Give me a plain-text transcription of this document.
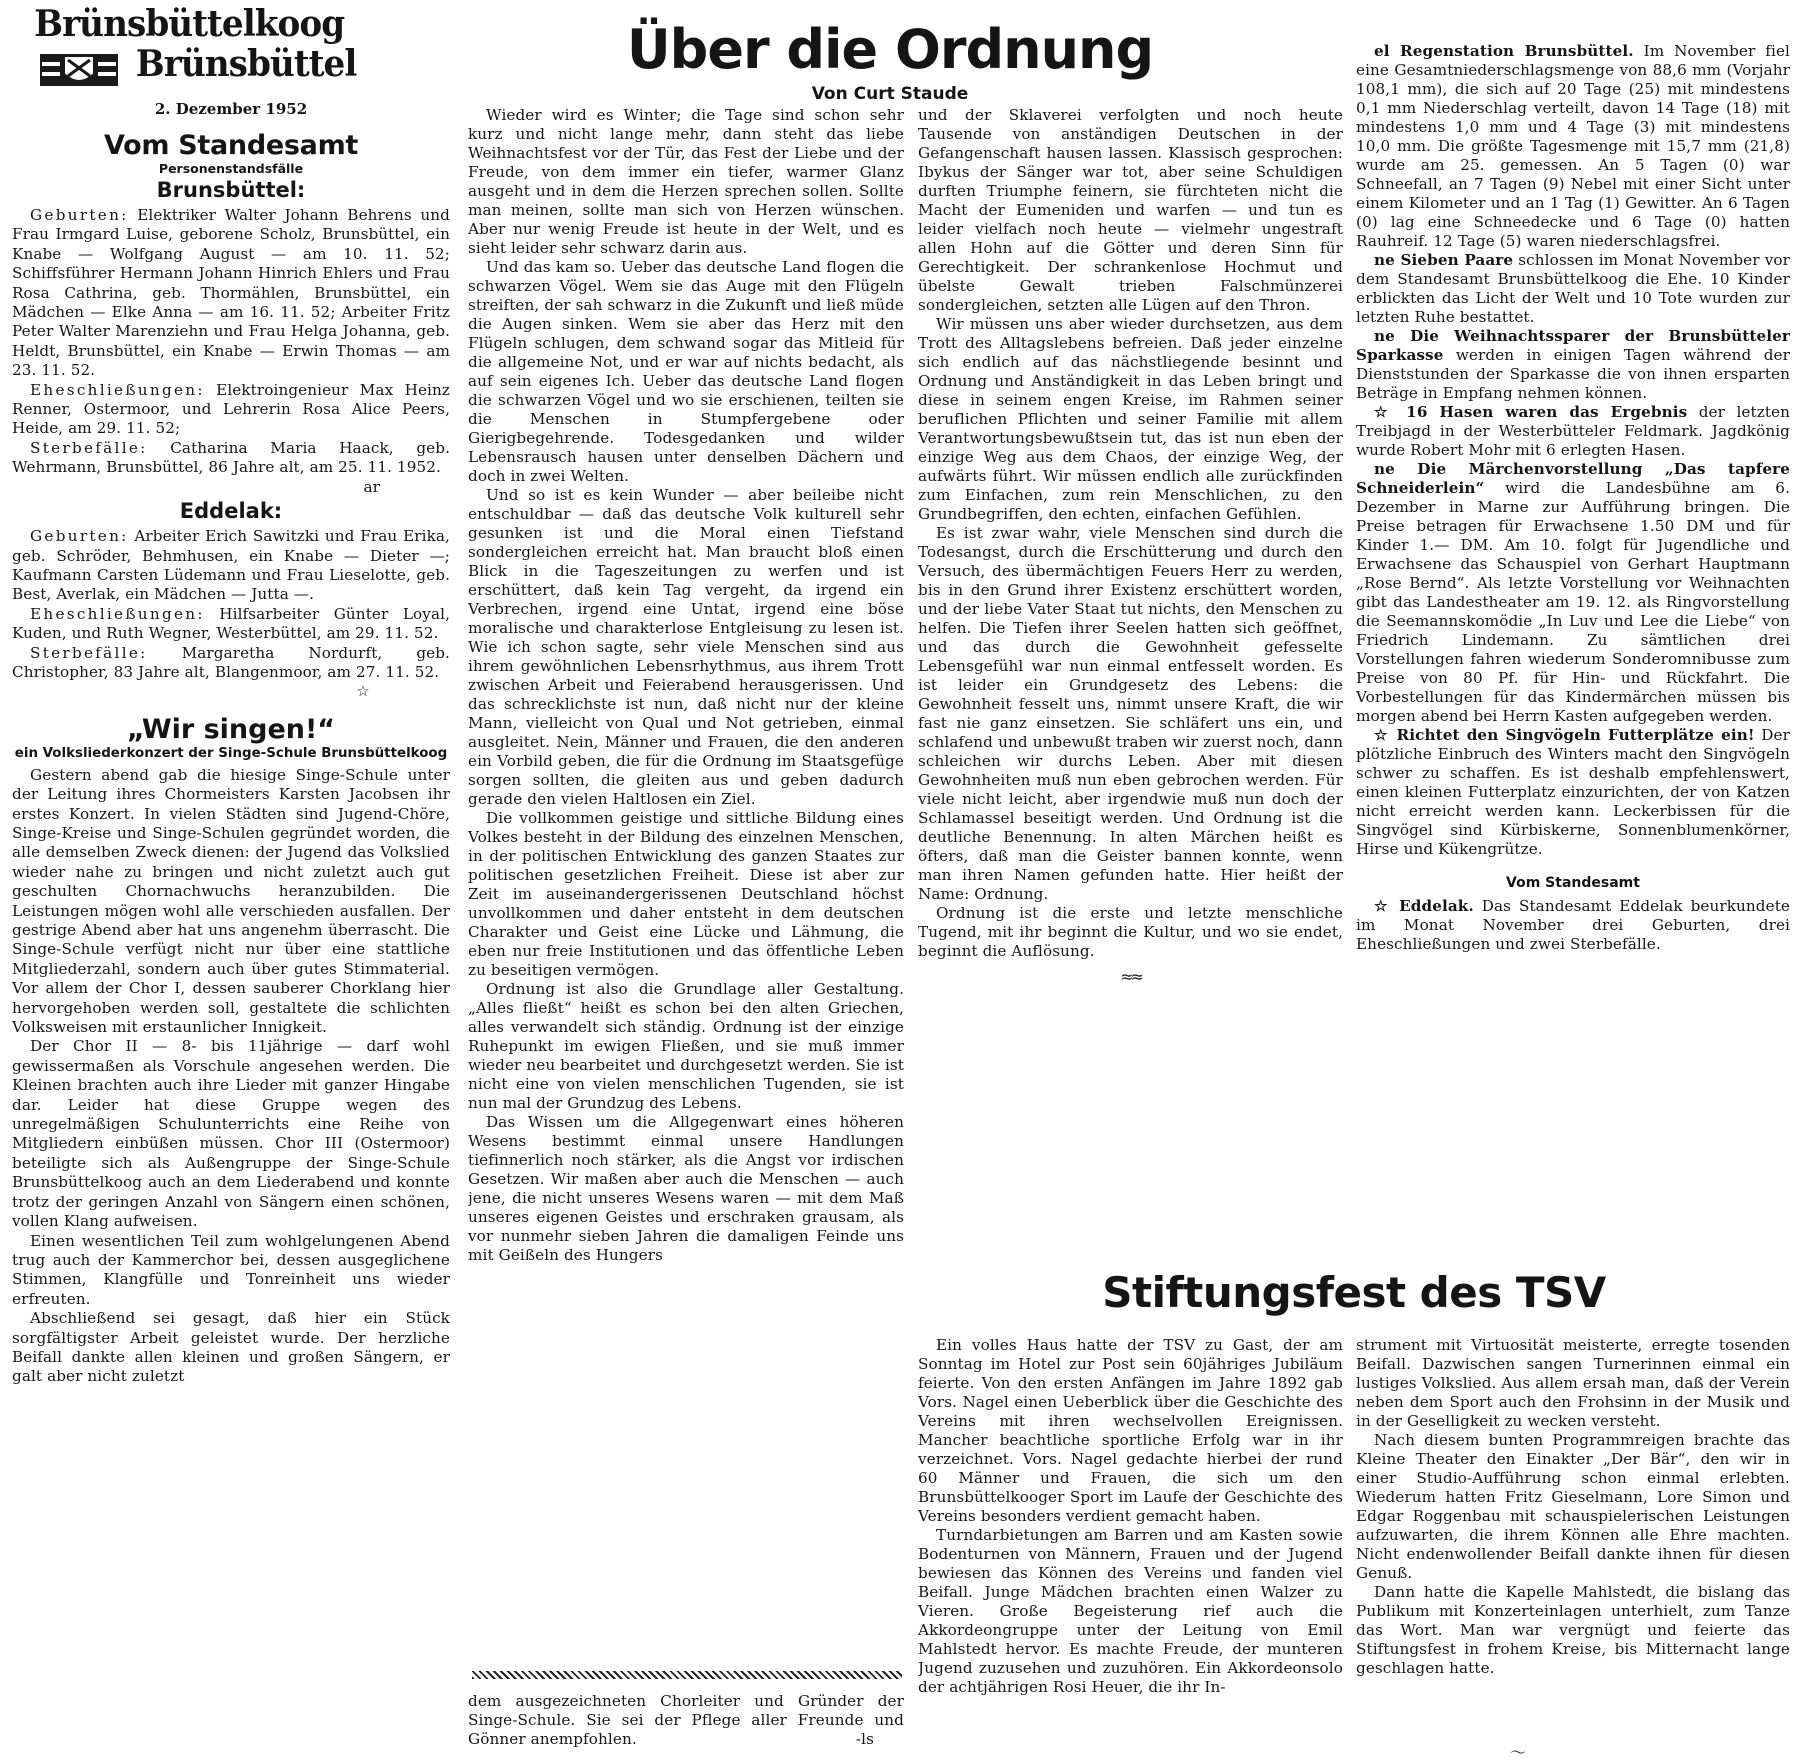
Brünsbüttelkoog
Brünsbüttel
2. Dezember 1952
Vom Standesamt
Personenstandsfälle
Brunsbüttel:

Geburten: Elektriker Walter Johann Behrens und Frau Irmgard Luise, geborene Scholz, Brunsbüttel, ein Knabe — Wolfgang August — am 10. 11. 52; Schiffsführer Hermann Johann Hinrich Ehlers und Frau Rosa Cathrina, geb. Thormählen, Brunsbüttel, ein Mädchen — Elke Anna — am 16. 11. 52; Arbeiter Fritz Peter Walter Marenziehn und Frau Helga Johanna, geb. Heldt, Brunsbüttel, ein Knabe — Erwin Thomas — am 23. 11. 52.

Eheschließungen: Elektroingenieur Max Heinz Renner, Ostermoor, und Lehrerin Rosa Alice Peers, Heide, am 29. 11. 52;

Sterbefälle: Catharina Maria Haack, geb. Wehrmann, Brunsbüttel, 86 Jahre alt, am 25. 11. 1952.

ar

Eddelak:

Geburten: Arbeiter Erich Sawitzki und Frau Erika, geb. Schröder, Behmhusen, ein Knabe — Dieter —; Kaufmann Carsten Lüdemann und Frau Lieselotte, geb. Best, Averlak, ein Mädchen — Jutta —.

Eheschließungen: Hilfsarbeiter Günter Loyal, Kuden, und Ruth Wegner, Westerbüttel, am 29. 11. 52.

Sterbefälle: Margaretha Nordurft, geb. Christopher, 83 Jahre alt, Blangenmoor, am 27. 11. 52.

☆

„Wir singen!“
ein Volksliederkonzert der Singe-Schule Brunsbüttelkoog

Gestern abend gab die hiesige Singe-Schule unter der Leitung ihres Chormeisters Karsten Jacobsen ihr erstes Konzert. In vielen Städten sind Jugend-Chöre, Singe-Kreise und Singe-Schulen gegründet worden, die alle demselben Zweck dienen: der Jugend das Volkslied wieder nahe zu bringen und nicht zuletzt auch gut geschulten Chornachwuchs heranzubilden. Die Leistungen mögen wohl alle verschieden ausfallen. Der gestrige Abend aber hat uns angenehm überrascht. Die Singe-Schule verfügt nicht nur über eine stattliche Mitgliederzahl, sondern auch über gutes Stimmaterial. Vor allem der Chor I, dessen sauberer Chorklang hier hervorgehoben werden soll, gestaltete die schlichten Volksweisen mit erstaunlicher Innigkeit.

Der Chor II — 8- bis 11jährige — darf wohl gewissermaßen als Vorschule angesehen werden. Die Kleinen brachten auch ihre Lieder mit ganzer Hingabe dar. Leider hat diese Gruppe wegen des unregelmäßigen Schulunterrichts eine Reihe von Mitgliedern einbüßen müssen. Chor III (Ostermoor) beteiligte sich als Außengruppe der Singe-Schule Brunsbüttelkoog auch an dem Liederabend und konnte trotz der geringen Anzahl von Sängern einen schönen, vollen Klang aufweisen.

Einen wesentlichen Teil zum wohlgelungenen Abend trug auch der Kammerchor bei, dessen ausgeglichene Stimmen, Klangfülle und Tonreinheit uns wieder erfreuten.

Abschließend sei gesagt, daß hier ein Stück sorgfältigster Arbeit geleistet wurde. Der herzliche Beifall dankte allen kleinen und großen Sängern, er galt aber nicht zuletzt

Über die Ordnung
Von Curt Staude

Wieder wird es Winter; die Tage sind schon sehr kurz und nicht lange mehr, dann steht das liebe Weihnachtsfest vor der Tür, das Fest der Liebe und der Freude, von dem immer ein tiefer, warmer Glanz ausgeht und in dem die Herzen sprechen sollen. Sollte man meinen, sollte man sich von Herzen wünschen. Aber nur wenig Freude ist heute in der Welt, und es sieht leider sehr schwarz darin aus.

Und das kam so. Ueber das deutsche Land flogen die schwarzen Vögel. Wem sie das Auge mit den Flügeln streiften, der sah schwarz in die Zukunft und ließ müde die Augen sinken. Wem sie aber das Herz mit den Flügeln schlugen, dem schwand sogar das Mitleid für die allgemeine Not, und er war auf nichts bedacht, als auf sein eigenes Ich. Ueber das deutsche Land flogen die schwarzen Vögel und wo sie erschienen, teilten sie die Menschen in Stumpfergebene oder Gierigbegehrende. Todesgedanken und wilder Lebensrausch hausen unter denselben Dächern und doch in zwei Welten.

Und so ist es kein Wunder — aber beileibe nicht entschuldbar — daß das deutsche Volk kulturell sehr gesunken ist und die Moral einen Tiefstand sondergleichen erreicht hat. Man braucht bloß einen Blick in die Tageszeitungen zu werfen und ist erschüttert, daß kein Tag vergeht, da irgend ein Verbrechen, irgend eine Untat, irgend eine böse moralische und charakterlose Entgleisung zu lesen ist. Wie ich schon sagte, sehr viele Menschen sind aus ihrem gewöhnlichen Lebensrhythmus, aus ihrem Trott zwischen Arbeit und Feierabend herausgerissen. Und das schrecklichste ist nun, daß nicht nur der kleine Mann, vielleicht von Qual und Not getrieben, einmal ausgleitet. Nein, Männer und Frauen, die den anderen ein Vorbild geben, die für die Ordnung im Staatsgefüge sorgen sollten, die gleiten aus und geben dadurch gerade den vielen Haltlosen ein Ziel.

Die vollkommen geistige und sittliche Bildung eines Volkes besteht in der Bildung des einzelnen Menschen, in der politischen Entwicklung des ganzen Staates zur politischen gesetzlichen Freiheit. Diese ist aber zur Zeit im auseinandergerissenen Deutschland höchst unvollkommen und daher entsteht in dem deutschen Charakter und Geist eine Lücke und Lähmung, die eben nur freie Institutionen und das öffentliche Leben zu beseitigen vermögen.

Ordnung ist also die Grundlage aller Gestaltung. „Alles fließt“ heißt es schon bei den alten Griechen, alles verwandelt sich ständig. Ordnung ist der einzige Ruhepunkt im ewigen Fließen, und sie muß immer wieder neu bearbeitet und durchgesetzt werden. Sie ist nicht eine von vielen menschlichen Tugenden, sie ist nun mal der Grundzug des Lebens.

Das Wissen um die Allgegenwart eines höheren Wesens bestimmt einmal unsere Handlungen tiefinnerlich noch stärker, als die Angst vor irdischen Gesetzen. Wir maßen aber auch die Menschen — auch jene, die nicht unseres Wesens waren — mit dem Maß unseres eigenen Geistes und erschraken grausam, als vor nunmehr sieben Jahren die damaligen Feinde uns mit Geißeln des Hungers

dem ausgezeichneten Chorleiter und Gründer der Singe-Schule. Sie sei der Pflege aller Freunde und Gönner anempfohlen.	-ls

und der Sklaverei verfolgten und noch heute Tausende von anständigen Deutschen in der Gefangenschaft hausen lassen. Klassisch gesprochen: Ibykus der Sänger war tot, aber seine Schuldigen durften Triumphe feinern, sie fürchteten nicht die Macht der Eumeniden und warfen — und tun es leider vielfach noch heute — vielmehr ungestraft allen Hohn auf die Götter und deren Sinn für Gerechtigkeit. Der schrankenlose Hochmut und übelste Gewalt trieben Falschmünzerei sondergleichen, setzten alle Lügen auf den Thron.

Wir müssen uns aber wieder durchsetzen, aus dem Trott des Alltagslebens befreien. Daß jeder einzelne sich endlich auf das nächstliegende besinnt und Ordnung und Anständigkeit in das Leben bringt und diese in seinem engen Kreise, im Rahmen seiner beruflichen Pflichten und seiner Familie mit allem Verantwortungsbewußtsein tut, das ist nun eben der einzige Weg aus dem Chaos, der einzige Weg, der aufwärts führt. Wir müssen endlich alle zurückfinden zum Einfachen, zum rein Menschlichen, zu den Grundbegriffen, den echten, einfachen Gefühlen.

Es ist zwar wahr, viele Menschen sind durch die Todesangst, durch die Erschütterung und durch den Versuch, des übermächtigen Feuers Herr zu werden, bis in den Grund ihrer Existenz erschüttert worden, und der liebe Vater Staat tut nichts, den Menschen zu helfen. Die Tiefen ihrer Seelen hatten sich geöffnet, und das durch die Gewohnheit gefesselte Lebensgefühl war nun einmal entfesselt worden. Es ist leider ein Grundgesetz des Lebens: die Gewohnheit fesselt uns, nimmt unsere Kraft, die wir fast nie ganz einsetzen. Sie schläfert uns ein, und schlafend und unbewußt traben wir zuerst noch, dann schleichen wir durchs Leben. Aber mit diesen Gewohnheiten muß nun eben gebrochen werden. Für viele nicht leicht, aber irgendwie muß nun doch der Schlamassel beseitigt werden. Und Ordnung ist die deutliche Benennung. In alten Märchen heißt es öfters, daß man die Geister bannen konnte, wenn man ihren Namen gefunden hatte. Hier heißt der Name: Ordnung.

Ordnung ist die erste und letzte menschliche Tugend, mit ihr beginnt die Kultur, und wo sie endet, beginnt die Auflösung.

≈≈

el Regenstation Brunsbüttel. Im November fiel eine Gesamtniederschlagsmenge von 88,6 mm (Vorjahr 108,1 mm), die sich auf 20 Tage (25) mit mindestens 0,1 mm Niederschlag verteilt, davon 14 Tage (18) mit mindestens 1,0 mm und 4 Tage (3) mit mindestens 10,0 mm. Die größte Tagesmenge mit 15,7 mm (21,8) wurde am 25. gemessen. An 5 Tagen (0) war Schneefall, an 7 Tagen (9) Nebel mit einer Sicht unter einem Kilometer und an 1 Tag (1) Gewitter. An 6 Tagen (0) lag eine Schneedecke und 6 Tage (0) hatten Rauhreif. 12 Tage (5) waren niederschlagsfrei.

ne Sieben Paare schlossen im Monat November vor dem Standesamt Brunsbüttelkoog die Ehe. 10 Kinder erblickten das Licht der Welt und 10 Tote wurden zur letzten Ruhe bestattet.

ne Die Weihnachtssparer der Brunsbütteler Sparkasse werden in einigen Tagen während der Dienststunden der Sparkasse die von ihnen ersparten Beträge in Empfang nehmen können.

☆ 16 Hasen waren das Ergebnis der letzten Treibjagd in der Westerbütteler Feldmark. Jagdkönig wurde Robert Mohr mit 6 erlegten Hasen.

ne Die Märchenvorstellung „Das tapfere Schneiderlein“ wird die Landesbühne am 6. Dezember in Marne zur Aufführung bringen. Die Preise betragen für Erwachsene 1.50 DM und für Kinder 1.— DM. Am 10. folgt für Jugendliche und Erwachsene das Schauspiel von Gerhart Hauptmann „Rose Bernd“. Als letzte Vorstellung vor Weihnachten gibt das Landestheater am 19. 12. als Ringvorstellung die Seemannskomödie „In Luv und Lee die Liebe“ von Friedrich Lindemann. Zu sämtlichen drei Vorstellungen fahren wiederum Sonderomnibusse zum Preise von 80 Pf. für Hin- und Rückfahrt. Die Vorbestellungen für das Kindermärchen müssen bis morgen abend bei Herrn Kasten aufgegeben werden.

☆ Richtet den Singvögeln Futterplätze ein! Der plötzliche Einbruch des Winters macht den Singvögeln schwer zu schaffen. Es ist deshalb empfehlenswert, einen kleinen Futterplatz einzurichten, der von Katzen nicht erreicht werden kann. Leckerbissen für die Singvögel sind Kürbiskerne, Sonnenblumenkörner, Hirse und Kükengrütze.

Vom Standesamt

☆ Eddelak. Das Standesamt Eddelak beurkundete im Monat November drei Geburten, drei Eheschließungen und zwei Sterbefälle.

Stiftungsfest des TSV

Ein volles Haus hatte der TSV zu Gast, der am Sonntag im Hotel zur Post sein 60jähriges Jubiläum feierte. Von den ersten Anfängen im Jahre 1892 gab Vors. Nagel einen Ueberblick über die Geschichte des Vereins mit ihren wechselvollen Ereignissen. Mancher beachtliche sportliche Erfolg war in ihr verzeichnet. Vors. Nagel gedachte hierbei der rund 60 Männer und Frauen, die sich um den Brunsbüttelkooger Sport im Laufe der Geschichte des Vereins besonders verdient gemacht haben.

Turndarbietungen am Barren und am Kasten sowie Bodenturnen von Männern, Frauen und der Jugend bewiesen das Können des Vereins und fanden viel Beifall. Junge Mädchen brachten einen Walzer zu Vieren. Große Begeisterung rief auch die Akkordeongruppe unter der Leitung von Emil Mahlstedt hervor. Es machte Freude, der munteren Jugend zuzusehen und zuzuhören. Ein Akkordeonsolo der achtjährigen Rosi Heuer, die ihr In-

strument mit Virtuosität meisterte, erregte tosenden Beifall. Dazwischen sangen Turnerinnen einmal ein lustiges Volkslied. Aus allem ersah man, daß der Verein neben dem Sport auch den Frohsinn in der Musik und in der Geselligkeit zu wecken versteht.

Nach diesem bunten Programmreigen brachte das Kleine Theater den Einakter „Der Bär“, den wir in einer Studio-Aufführung schon einmal erlebten. Wiederum hatten Fritz Gieselmann, Lore Simon und Edgar Roggenbau mit schauspielerischen Leistungen aufzuwarten, die ihrem Können alle Ehre machten. Nicht endenwollender Beifall dankte ihnen für diesen Genuß.

Dann hatte die Kapelle Mahlstedt, die bislang das Publikum mit Konzerteinlagen unterhielt, zum Tanze das Wort. Man war vergnügt und feierte das Stiftungsfest in frohem Kreise, bis Mitternacht lange geschlagen hatte.

〜
